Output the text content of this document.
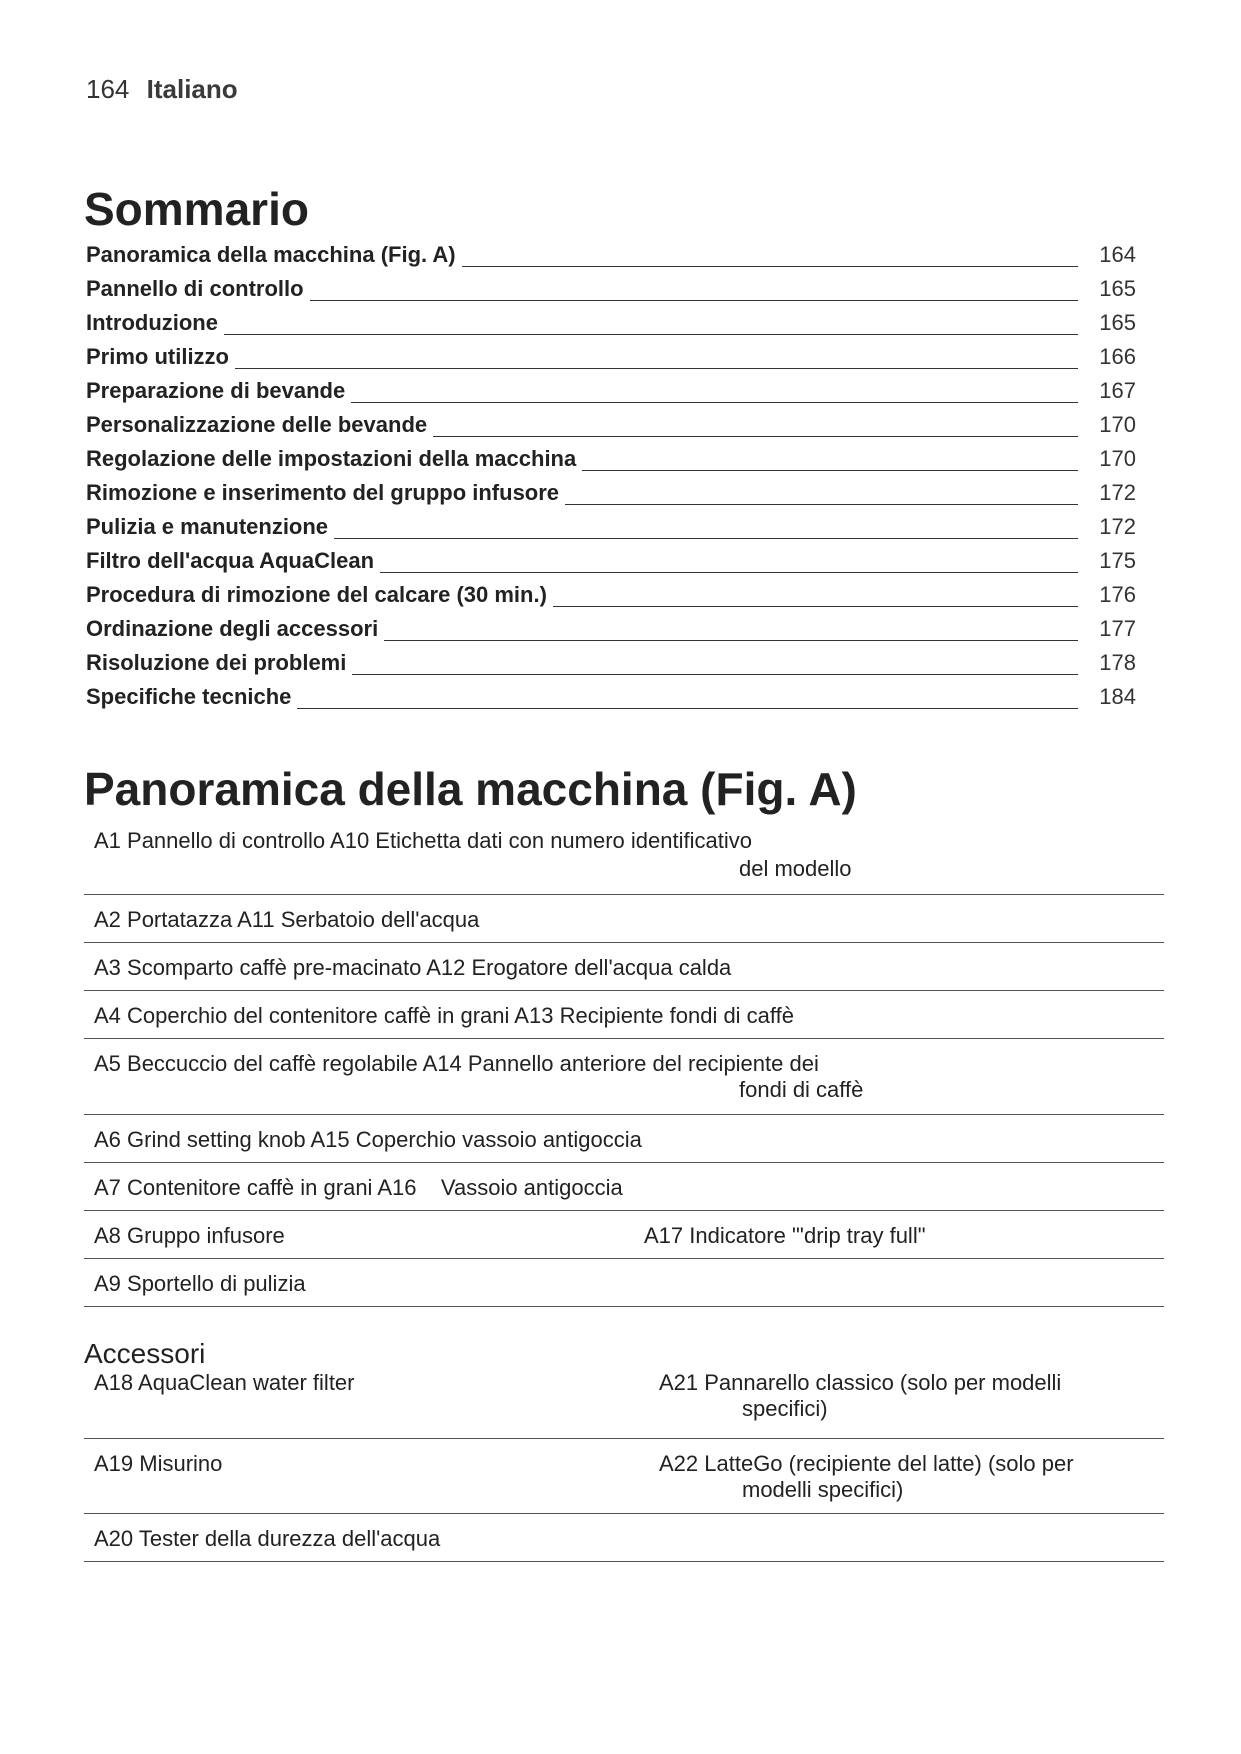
164 Italiano
Sommario
Panoramica della macchina (Fig. A)	164
Pannello di controllo	165
Introduzione	165
Primo utilizzo	166
Preparazione di bevande	167
Personalizzazione delle bevande	170
Regolazione delle impostazioni della macchina	170
Rimozione e inserimento del gruppo infusore	172
Pulizia e manutenzione	172
Filtro dell'acqua AquaClean	175
Procedura di rimozione del calcare (30 min.)	176
Ordinazione degli accessori	177
Risoluzione dei problemi	178
Specifiche tecniche	184
Panoramica della macchina (Fig. A)
A1 Pannello di controllo A10 Etichetta dati con numero identificativo
del modello
A2 Portatazza A11 Serbatoio dell'acqua
A3 Scomparto caffè pre-macinato A12 Erogatore dell'acqua calda
A4 Coperchio del contenitore caffè in grani A13 Recipiente fondi di caffè
A5 Beccuccio del caffè regolabile A14 Pannello anteriore del recipiente dei
fondi di caffè
A6 Grind setting knob A15 Coperchio vassoio antigoccia
A7 Contenitore caffè in grani A16    Vassoio antigoccia
A8 Gruppo infusore	A17 Indicatore "'drip tray full"
A9 Sportello di pulizia
Accessori
A18 AquaClean water filter	A21 Pannarello classico (solo per modelli
specifici)
A19 Misurino	A22 LatteGo (recipiente del latte) (solo per
modelli specifici)
A20 Tester della durezza dell'acqua
